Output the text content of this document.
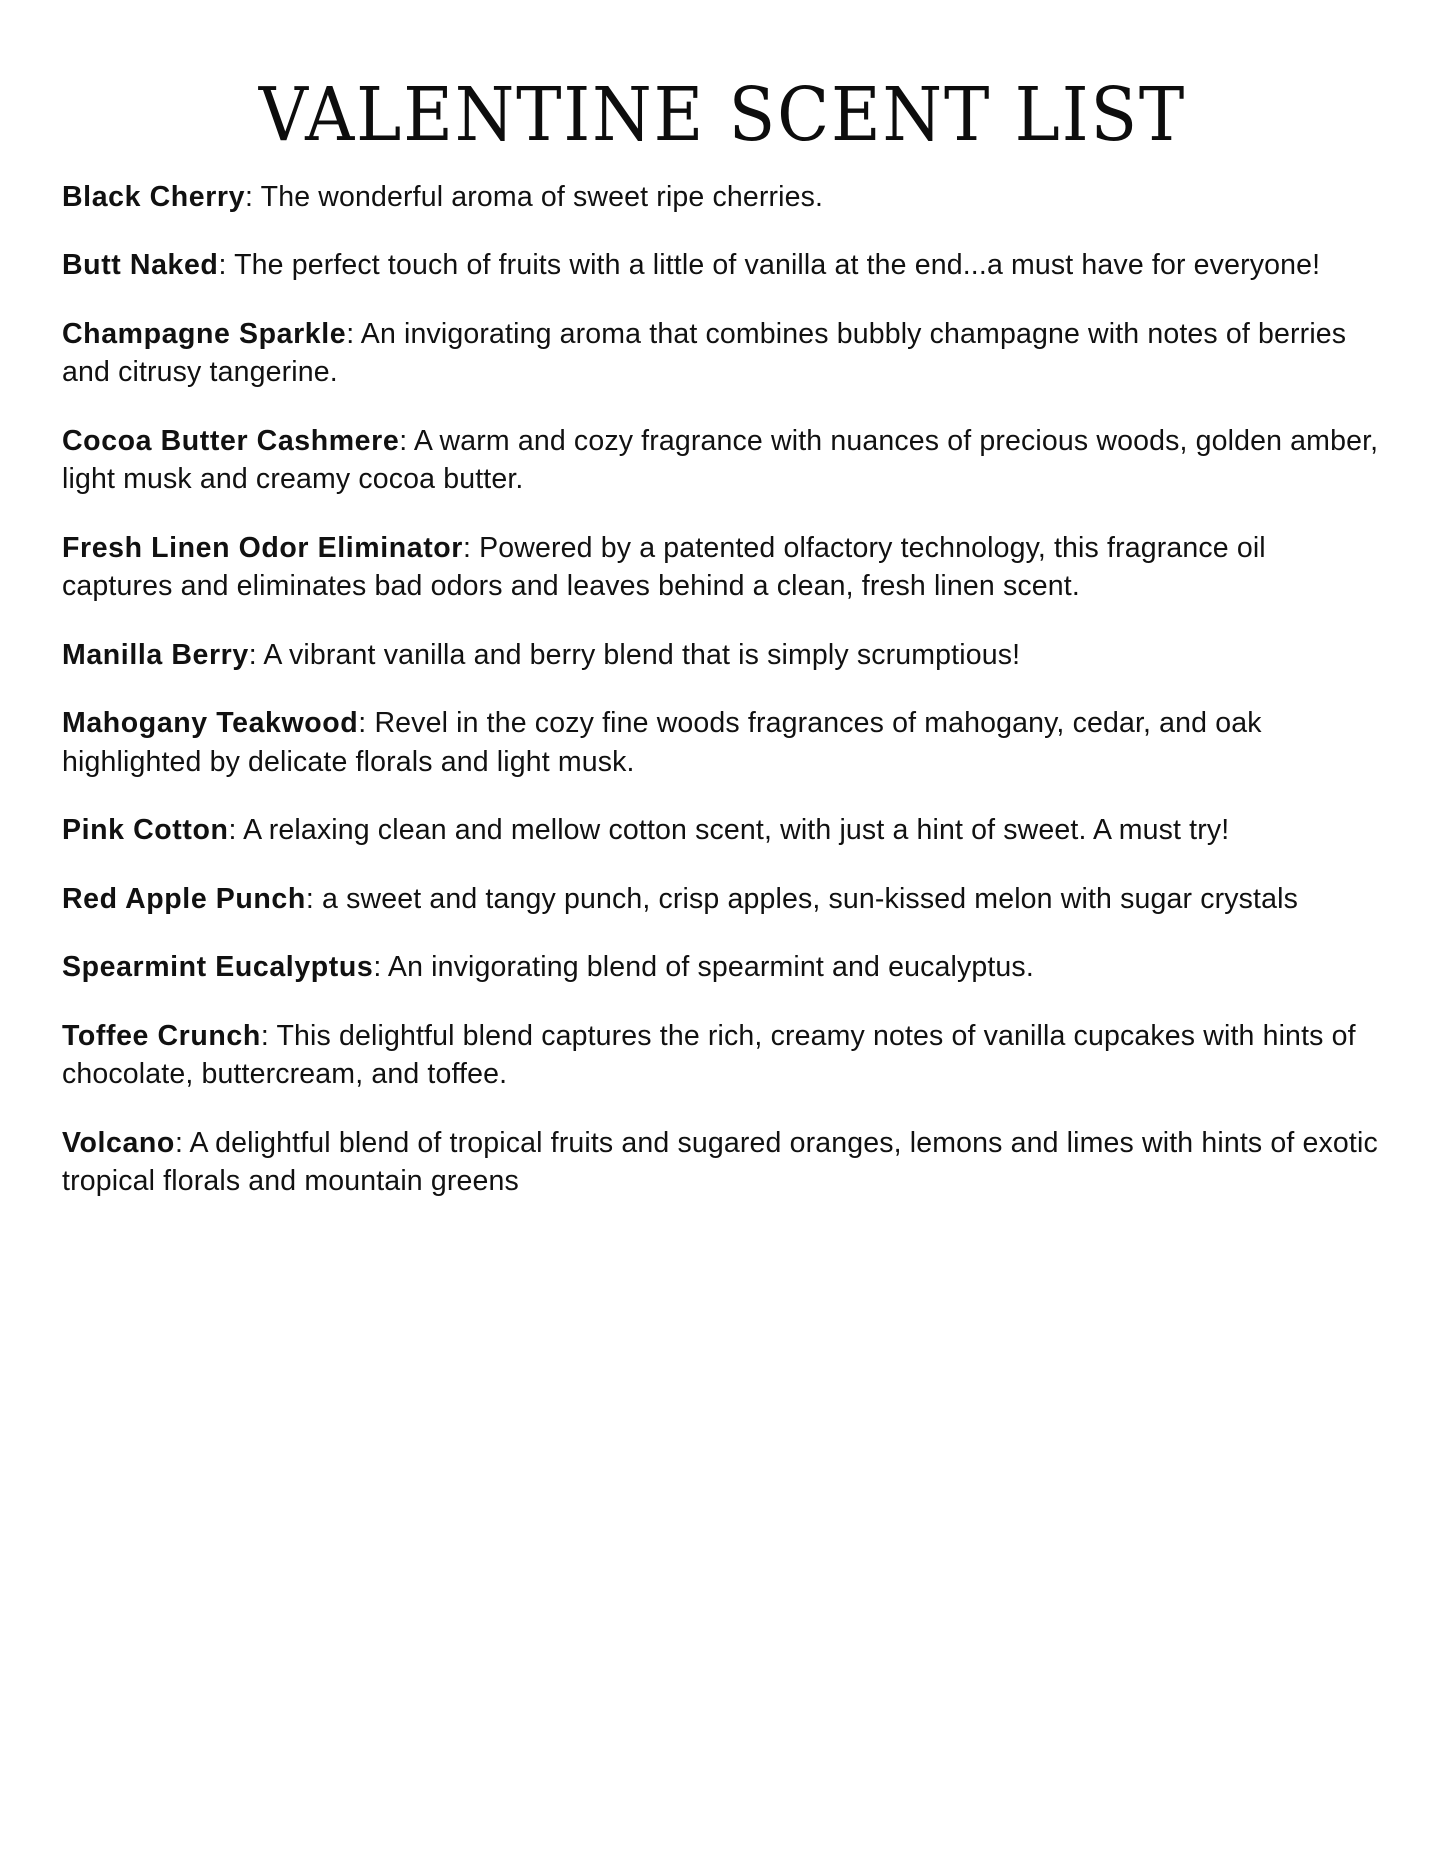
VALENTINE SCENT LIST
Black Cherry: The wonderful aroma of sweet ripe cherries.
Butt Naked: The perfect touch of fruits with a little of vanilla at the end...a must have for everyone!
Champagne Sparkle: An invigorating aroma that combines bubbly champagne with notes of berries and citrusy tangerine.
Cocoa Butter Cashmere: A warm and cozy fragrance with nuances of precious woods, golden amber, light musk and creamy cocoa butter.
Fresh Linen Odor Eliminator: Powered by a patented olfactory technology, this fragrance oil captures and eliminates bad odors and leaves behind a clean, fresh linen scent.
Manilla Berry: A vibrant vanilla and berry blend that is simply scrumptious!
Mahogany Teakwood: Revel in the cozy fine woods fragrances of mahogany, cedar, and oak highlighted by delicate florals and light musk.
Pink Cotton: A relaxing clean and mellow cotton scent, with just a hint of sweet. A must try!
Red Apple Punch: a sweet and tangy punch, crisp apples, sun-kissed melon with sugar crystals
Spearmint Eucalyptus: An invigorating blend of spearmint and eucalyptus.
Toffee Crunch: This delightful blend captures the rich, creamy notes of vanilla cupcakes with hints of chocolate, buttercream, and toffee.
Volcano: A delightful blend of tropical fruits and sugared oranges, lemons and limes with hints of exotic tropical florals and mountain greens
